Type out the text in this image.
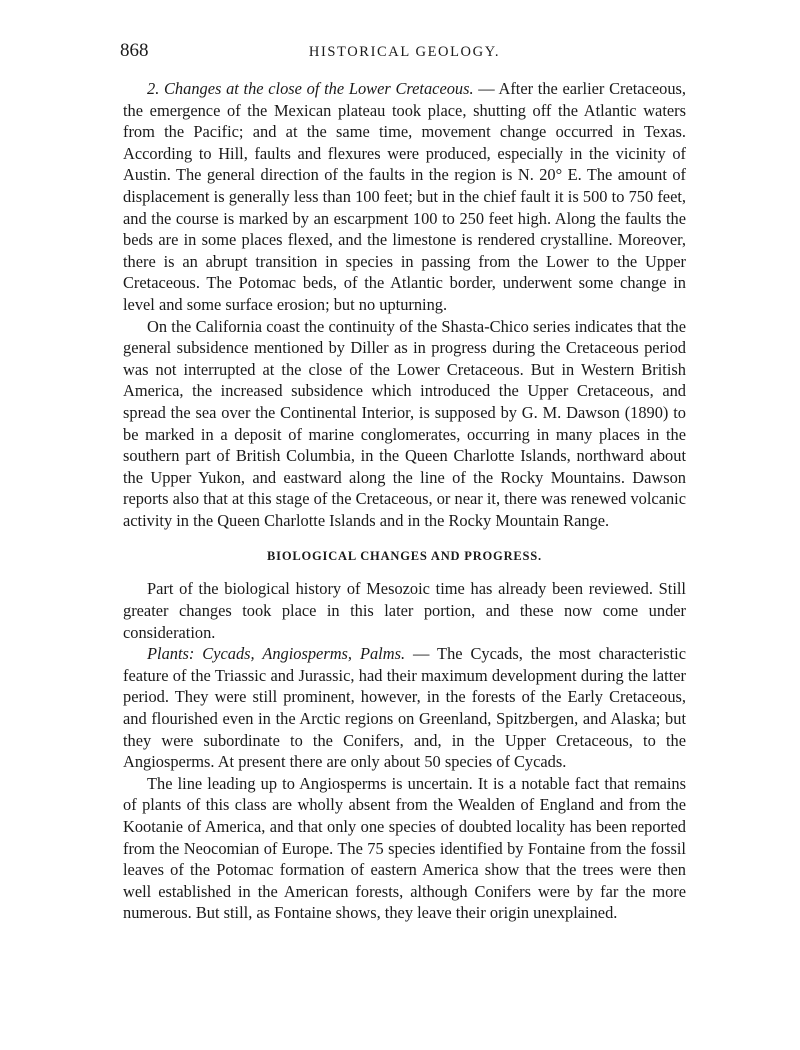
868	HISTORICAL GEOLOGY.

2. Changes at the close of the Lower Cretaceous. — After the earlier Cretaceous, the emergence of the Mexican plateau took place, shutting off the Atlantic waters from the Pacific; and at the same time, movement change occurred in Texas. According to Hill, faults and flexures were produced, especially in the vicinity of Austin. The general direction of the faults in the region is N. 20° E. The amount of displacement is generally less than 100 feet; but in the chief fault it is 500 to 750 feet, and the course is marked by an escarpment 100 to 250 feet high. Along the faults the beds are in some places flexed, and the limestone is rendered crystalline. Moreover, there is an abrupt transition in species in passing from the Lower to the Upper Cretaceous. The Potomac beds, of the Atlantic border, underwent some change in level and some surface erosion; but no upturning.

On the California coast the continuity of the Shasta-Chico series indicates that the general subsidence mentioned by Diller as in progress during the Cretaceous period was not interrupted at the close of the Lower Cretaceous. But in Western British America, the increased subsidence which introduced the Upper Cretaceous, and spread the sea over the Continental Interior, is supposed by G. M. Dawson (1890) to be marked in a deposit of marine conglomerates, occurring in many places in the southern part of British Columbia, in the Queen Charlotte Islands, northward about the Upper Yukon, and eastward along the line of the Rocky Mountains. Dawson reports also that at this stage of the Cretaceous, or near it, there was renewed volcanic activity in the Queen Charlotte Islands and in the Rocky Mountain Range.

BIOLOGICAL CHANGES AND PROGRESS.

Part of the biological history of Mesozoic time has already been reviewed. Still greater changes took place in this later portion, and these now come under consideration.

Plants: Cycads, Angiosperms, Palms. — The Cycads, the most characteristic feature of the Triassic and Jurassic, had their maximum development during the latter period. They were still prominent, however, in the forests of the Early Cretaceous, and flourished even in the Arctic regions on Greenland, Spitzbergen, and Alaska; but they were subordinate to the Conifers, and, in the Upper Cretaceous, to the Angiosperms. At present there are only about 50 species of Cycads.

The line leading up to Angiosperms is uncertain. It is a notable fact that remains of plants of this class are wholly absent from the Wealden of England and from the Kootanie of America, and that only one species of doubted locality has been reported from the Neocomian of Europe. The 75 species identified by Fontaine from the fossil leaves of the Potomac formation of eastern America show that the trees were then well established in the American forests, although Conifers were by far the more numerous. But still, as Fontaine shows, they leave their origin unexplained.
